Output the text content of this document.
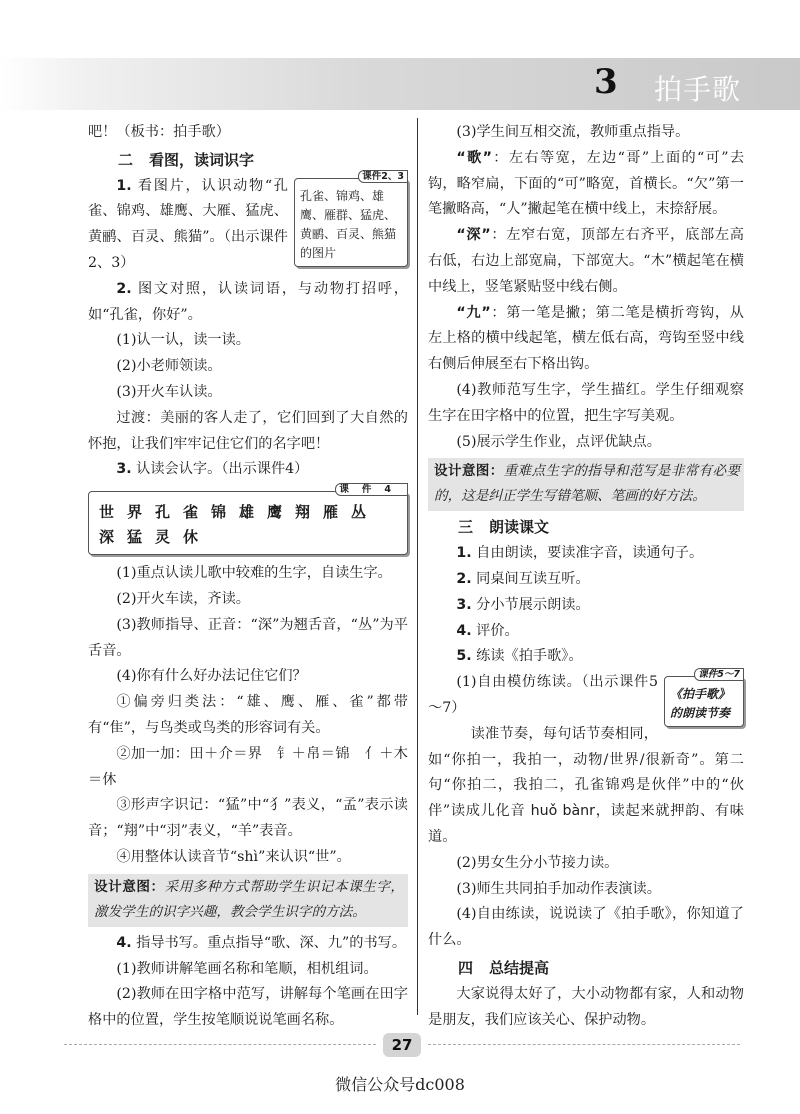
3 拍手歌

吧！（板书：拍手歌）

二 看图，读词识字
课件2、3
孔雀、锦鸡、雄鹰、雁群、猛虎、黄鹂、百灵、熊猫的图片

1. 看图片，认识动物“孔雀、锦鸡、雄鹰、大雁、猛虎、黄鹂、百灵、熊猫”。（出示课件2、3）

2. 图文对照，认读词语，与动物打招呼，如“孔雀，你好”。

(1)认一认，读一读。

(2)小老师领读。

(3)开火车认读。

过渡：美丽的客人走了，它们回到了大自然的怀抱，让我们牢牢记住它们的名字吧！

3. 认读会认字。（出示课件4）

课件4
世界孔雀锦雄鹰翔雁丛
深猛灵休

(1)重点认读儿歌中较难的生字，自读生字。

(2)开火车读，齐读。

(3)教师指导、正音：“深”为翘舌音，“丛”为平舌音。

(4)你有什么好办法记住它们？

①偏旁归类法：“雄、鹰、雁、雀”都带有“隹”，与鸟类或鸟类的形容词有关。

②加一加：田＋介＝界　钅＋帛＝锦　亻＋木＝休

③形声字识记：“猛”中“犭”表义，“孟”表示读音；“翔”中“羽”表义，“羊”表音。

④用整体认读音节“shì”来认识“世”。

设计意图：采用多种方式帮助学生识记本课生字，激发学生的识字兴趣，教会学生识字的方法。

4. 指导书写。重点指导“歌、深、九”的书写。

(1)教师讲解笔画名称和笔顺，相机组词。

(2)教师在田字格中范写，讲解每个笔画在田字格中的位置，学生按笔顺说说笔画名称。

(3)学生间互相交流，教师重点指导。

“歌”：左右等宽，左边“哥”上面的“可”去钩，略窄扁，下面的“可”略宽，首横长。“欠”第一笔撇略高，“人”撇起笔在横中线上，末捺舒展。

“深”：左窄右宽，顶部左右齐平，底部左高右低，右边上部宽扁，下部宽大。“木”横起笔在横中线上，竖笔紧贴竖中线右侧。

“九”：第一笔是撇；第二笔是横折弯钩，从左上格的横中线起笔，横左低右高，弯钩至竖中线右侧后伸展至右下格出钩。

(4)教师范写生字，学生描红。学生仔细观察生字在田字格中的位置，把生字写美观。

(5)展示学生作业，点评优缺点。

设计意图：重难点生字的指导和范写是非常有必要的，这是纠正学生写错笔顺、笔画的好方法。
三 朗读课文

1. 自由朗读，要读准字音，读通句子。

2. 同桌间互读互听。

3. 分小节展示朗读。

4. 评价。

5. 练读《拍手歌》。

课件5～7
《拍手歌》的朗读节奏

(1)自由模仿练读。（出示课件5～7）

读准节奏，每句话节奏相同，如“你拍一，我拍一，动物/世界/很新奇”。第二句“你拍二，我拍二，孔雀锦鸡是伙伴”中的“伙伴”读成儿化音 huǒ bànr，读起来就押韵、有味道。

(2)男女生分小节接力读。

(3)师生共同拍手加动作表演读。

(4)自由练读，说说读了《拍手歌》，你知道了什么。

四 总结提高

大家说得太好了，大小动物都有家，人和动物是朋友，我们应该关心、保护动物。

27
微信公众号dc008
